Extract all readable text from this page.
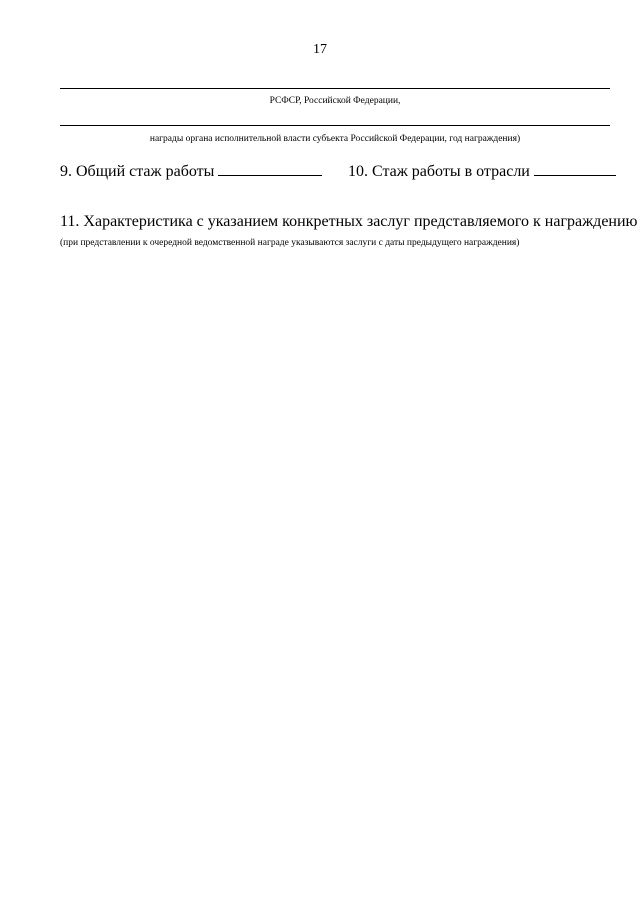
17
РСФСР, Российской Федерации,
награды органа исполнительной власти субъекта Российской Федерации, год награждения)
9. Общий стаж работы	10. Стаж работы в отрасли
11. Характеристика с указанием конкретных заслуг представляемого к награждению
(при представлении к очередной ведомственной награде указываются заслуги с даты предыдущего награждения)
